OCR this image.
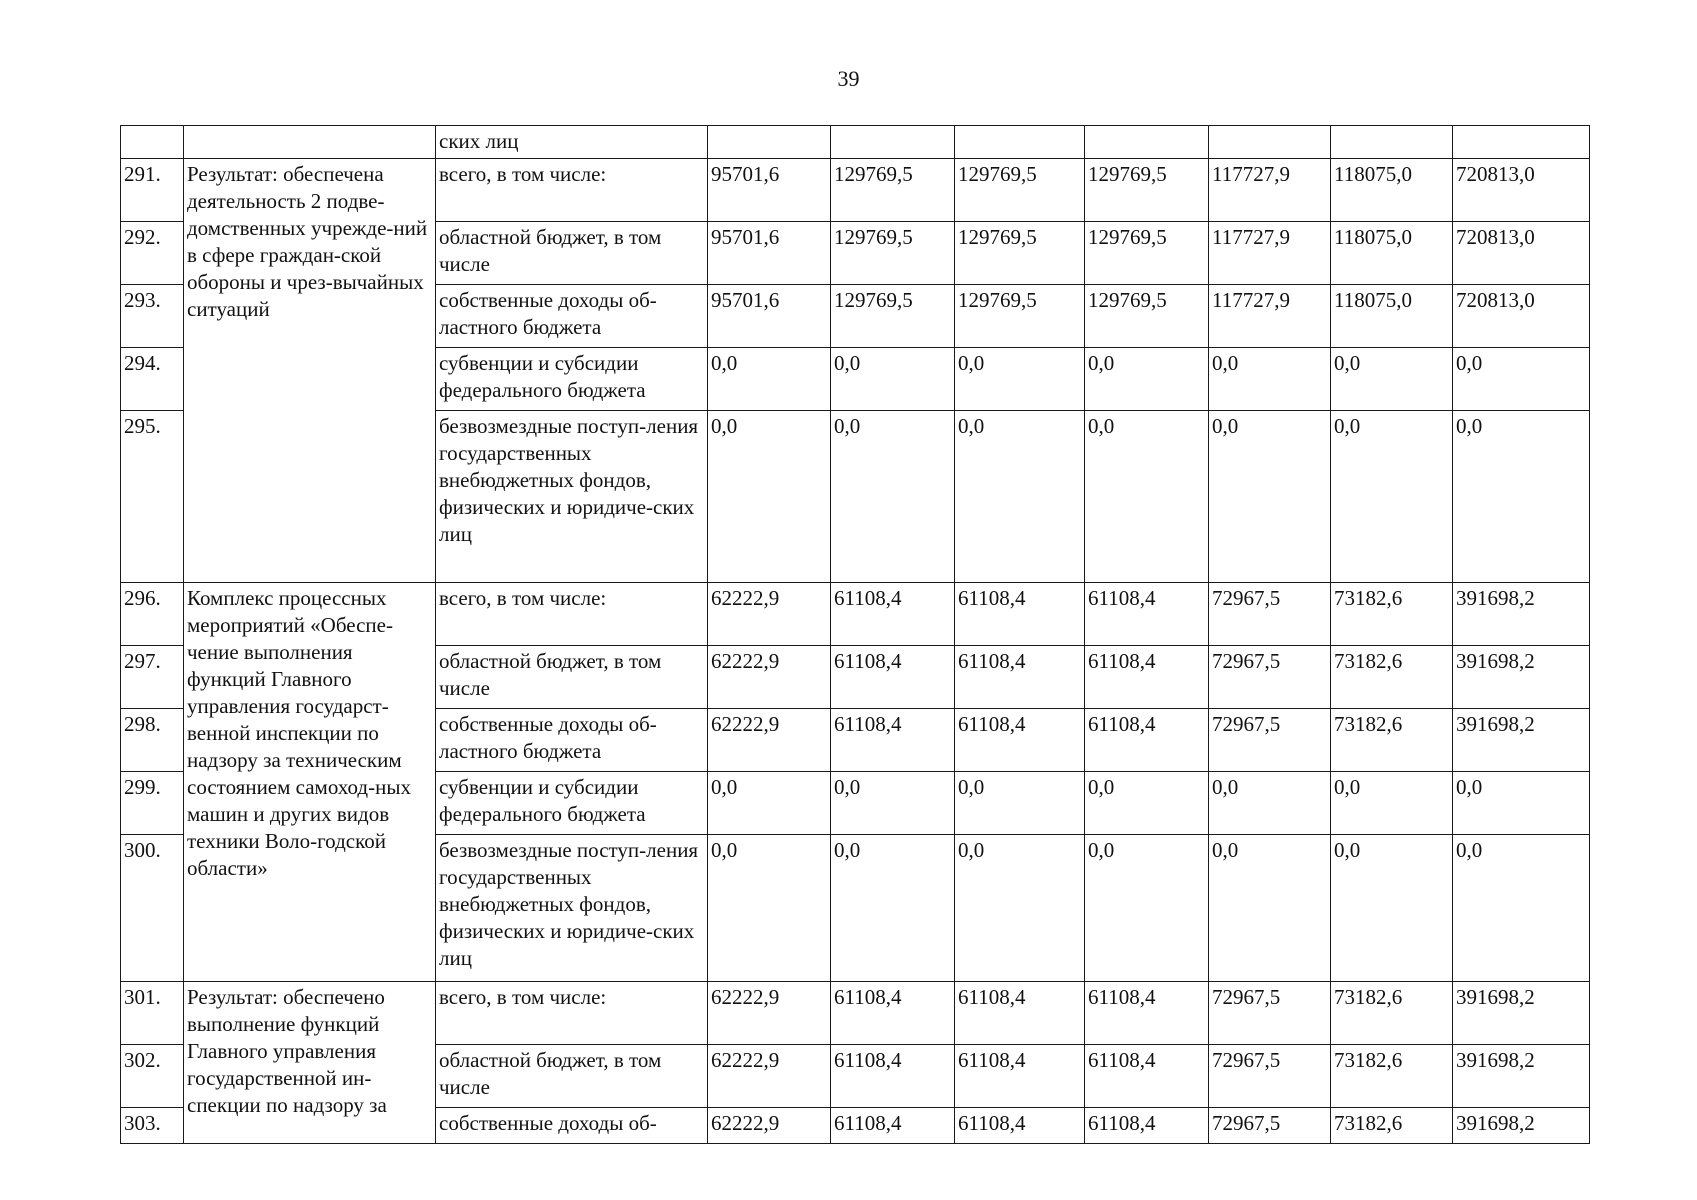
39
		ских лиц							
291.	Результат: обеспечена деятельность 2 подве-домственных учрежде-ний в сфере граждан-ской обороны и чрез-вычайных ситуаций	всего, в том числе:	95701,6	129769,5	129769,5	129769,5	117727,9	118075,0	720813,0
292.		областной бюджет, в том числе	95701,6	129769,5	129769,5	129769,5	117727,9	118075,0	720813,0
293.		собственные доходы об-ластного бюджета	95701,6	129769,5	129769,5	129769,5	117727,9	118075,0	720813,0
294.		субвенции и субсидии федерального бюджета	0,0	0,0	0,0	0,0	0,0	0,0	0,0
295.		безвозмездные поступ-ления государственных внебюджетных фондов, физических и юридиче-ских лиц	0,0	0,0	0,0	0,0	0,0	0,0	0,0
296.	Комплекс процессных мероприятий «Обеспе-чение выполнения функций Главного управления государст-венной инспекции по надзору за техническим состоянием самоход-ных машин и других видов техники Воло-годской области»	всего, в том числе:	62222,9	61108,4	61108,4	61108,4	72967,5	73182,6	391698,2
297.		областной бюджет, в том числе	62222,9	61108,4	61108,4	61108,4	72967,5	73182,6	391698,2
298.		собственные доходы об-ластного бюджета	62222,9	61108,4	61108,4	61108,4	72967,5	73182,6	391698,2
299.		субвенции и субсидии федерального бюджета	0,0	0,0	0,0	0,0	0,0	0,0	0,0
300.		безвозмездные поступ-ления государственных внебюджетных фондов, физических и юридиче-ских лиц	0,0	0,0	0,0	0,0	0,0	0,0	0,0
301.	Результат: обеспечено выполнение функций Главного управления государственной ин-спекции по надзору за	всего, в том числе:	62222,9	61108,4	61108,4	61108,4	72967,5	73182,6	391698,2
302.		областной бюджет, в том числе	62222,9	61108,4	61108,4	61108,4	72967,5	73182,6	391698,2
303.		собственные доходы об-	62222,9	61108,4	61108,4	61108,4	72967,5	73182,6	391698,2
